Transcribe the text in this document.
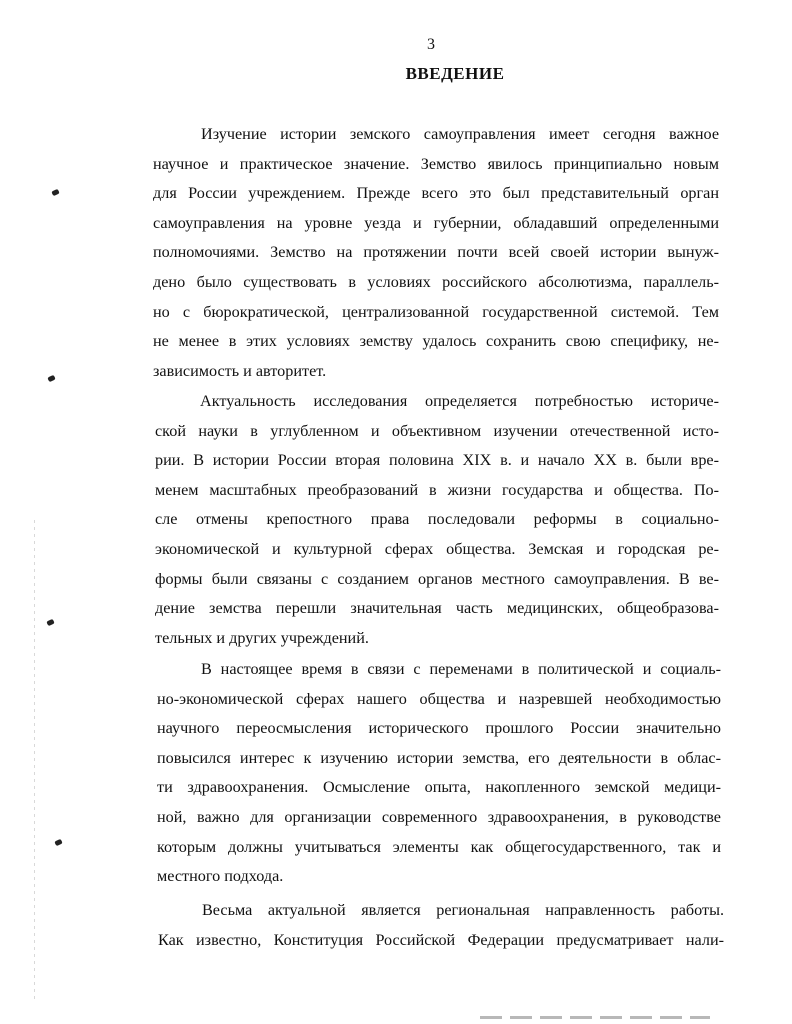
3
ВВЕДЕНИЕ
Изучение истории земского самоуправления имеет сегодня важное
научное и практическое значение. Земство явилось принципиально новым
для России учреждением. Прежде всего это был представительный орган
самоуправления на уровне уезда и губернии, обладавший определенными
полномочиями. Земство на протяжении почти всей своей истории вынуж-
дено было существовать в условиях российского абсолютизма, параллель-
но с бюрократической, централизованной государственной системой. Тем
не менее в этих условиях земству удалось сохранить свою специфику, не-
зависимость и авторитет.
Актуальность исследования определяется потребностью историче-
ской науки в углубленном и объективном изучении отечественной исто-
рии. В истории России вторая половина XIX в. и начало XX в. были вре-
менем масштабных преобразований в жизни государства и общества. По-
сле отмены крепостного права последовали реформы в социально-
экономической и культурной сферах общества. Земская и городская ре-
формы были связаны с созданием органов местного самоуправления. В ве-
дение земства перешли значительная часть медицинских, общеобразова-
тельных и других учреждений.
В настоящее время в связи с переменами в политической и социаль-
но-экономической сферах нашего общества и назревшей необходимостью
научного переосмысления исторического прошлого России значительно
повысился интерес к изучению истории земства, его деятельности в облас-
ти здравоохранения. Осмысление опыта, накопленного земской медици-
ной, важно для организации современного здравоохранения, в руководстве
которым должны учитываться элементы как общегосударственного, так и
местного подхода.
Весьма актуальной является региональная направленность работы.
Как известно, Конституция Российской Федерации предусматривает нали-
